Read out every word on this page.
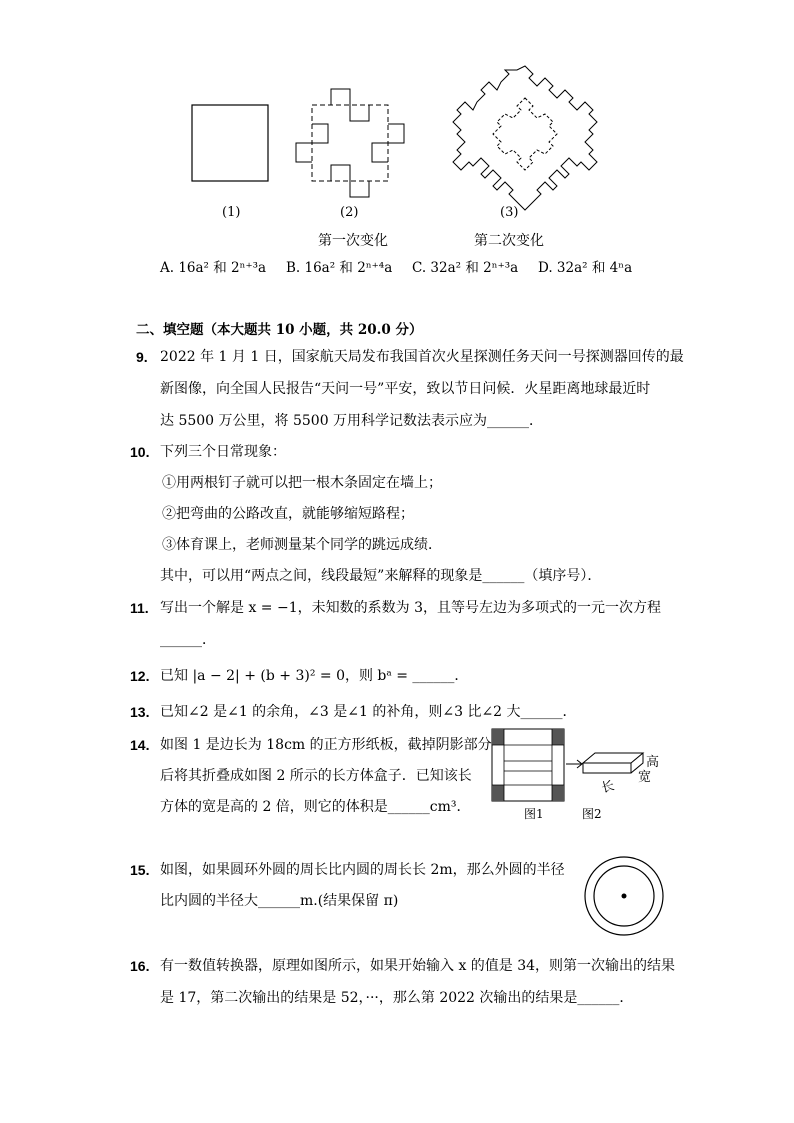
(1)	(2)	(3)
第一次变化	第二次变化
A. 16a² 和 2ⁿ⁺³a B. 16a² 和 2ⁿ⁺⁴a C. 32a² 和 2ⁿ⁺³a D. 32a² 和 4ⁿa
二、填空题（本大题共 10 小题，共 20.0 分）
9. 2022 年 1 月 1 日，国家航天局发布我国首次火星探测任务天问一号探测器回传的最
新图像，向全国人民报告“天问一号”平安，致以节日问候．火星距离地球最近时
达 5500 万公里，将 5500 万用科学记数法表示应为______．
10. 下列三个日常现象：
①用两根钉子就可以把一根木条固定在墙上；
②把弯曲的公路改直，就能够缩短路程；
③体育课上，老师测量某个同学的跳远成绩．
其中，可以用“两点之间，线段最短”来解释的现象是______（填序号）．
11. 写出一个解是 x = −1，未知数的系数为 3，且等号左边为多项式的一元一次方程
______．
12. 已知 |a − 2| + (b + 3)² = 0，则 bᵃ = ______．
13. 已知∠2 是∠1 的余角，∠3 是∠1 的补角，则∠3 比∠2 大______．
14. 如图 1 是边长为 18cm 的正方形纸板，截掉阴影部分
后将其折叠成如图 2 所示的长方体盒子．已知该长
方体的宽是高的 2 倍，则它的体积是______cm³．	图1
高
宽
长
图2
15. 如图，如果圆环外圆的周长比内圆的周长长 2m，那么外圆的半径
比内圆的半径大______m.(结果保留 π)
16. 有一数值转换器，原理如图所示，如果开始输入 x 的值是 34，则第一次输出的结果
是 17，第二次输出的结果是 52，···，那么第 2022 次输出的结果是______．
